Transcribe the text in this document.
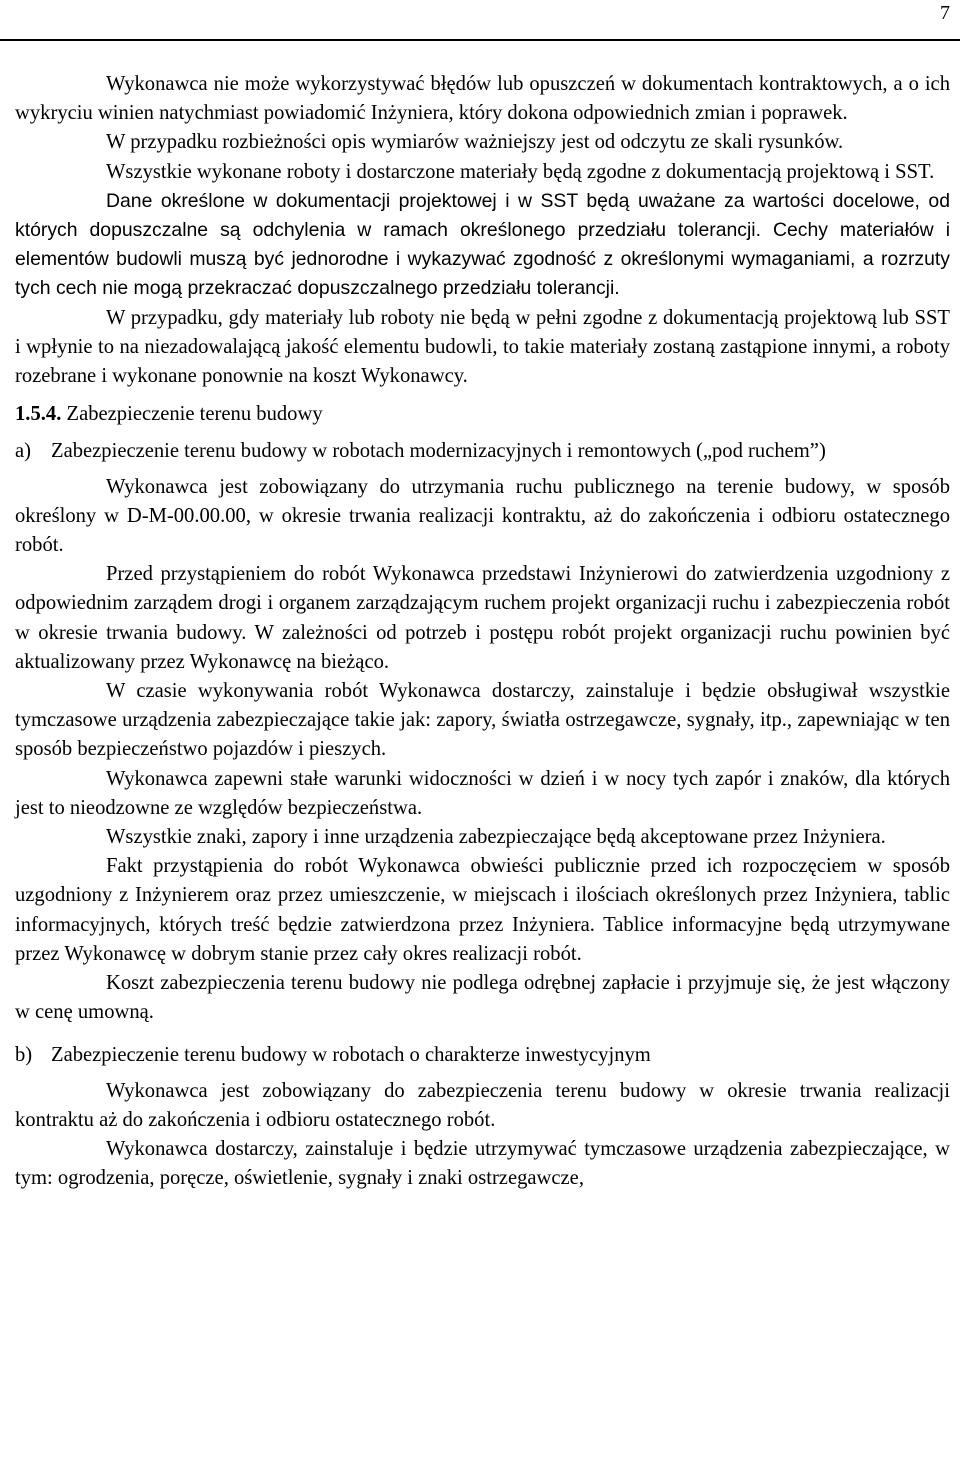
7

Wykonawca nie może wykorzystywać błędów lub opuszczeń w dokumentach kontraktowych, a o ich wykryciu winien natychmiast powiadomić Inżyniera, który dokona odpowiednich zmian i poprawek.

W przypadku rozbieżności opis wymiarów ważniejszy jest od odczytu ze skali rysunków.

Wszystkie wykonane roboty i dostarczone materiały będą zgodne z dokumentacją projektową i SST.

Dane określone w dokumentacji projektowej i w SST będą uważane za wartości docelowe, od których dopuszczalne są odchylenia w ramach określonego przedziału tolerancji. Cechy materiałów i elementów budowli muszą być jednorodne i wykazywać zgodność z określonymi wymaganiami, a rozrzuty tych cech nie mogą przekraczać dopuszczalnego przedziału tolerancji.

W przypadku, gdy materiały lub roboty nie będą w pełni zgodne z dokumentacją projektową lub SST i wpłynie to na niezadowalającą jakość elementu budowli, to takie materiały zostaną zastąpione innymi, a roboty rozebrane i wykonane ponownie na koszt Wykonawcy.

1.5.4. Zabezpieczenie terenu budowy

a) Zabezpieczenie terenu budowy w robotach modernizacyjnych i remontowych („pod ruchem”)

Wykonawca jest zobowiązany do utrzymania ruchu publicznego na terenie budowy, w sposób określony w D-M-00.00.00, w okresie trwania realizacji kontraktu, aż do zakończenia i odbioru ostatecznego robót.

Przed przystąpieniem do robót Wykonawca przedstawi Inżynierowi do zatwierdzenia uzgodniony z odpowiednim zarządem drogi i organem zarządzającym ruchem projekt organizacji ruchu i zabezpieczenia robót w okresie trwania budowy. W zależności od potrzeb i postępu robót projekt organizacji ruchu powinien być aktualizowany przez Wykonawcę na bieżąco.

W czasie wykonywania robót Wykonawca dostarczy, zainstaluje i będzie obsługiwał wszystkie tymczasowe urządzenia zabezpieczające takie jak: zapory, światła ostrzegawcze, sygnały, itp., zapewniając w ten sposób bezpieczeństwo pojazdów i pieszych.

Wykonawca zapewni stałe warunki widoczności w dzień i w nocy tych zapór i znaków, dla których jest to nieodzowne ze względów bezpieczeństwa.

Wszystkie znaki, zapory i inne urządzenia zabezpieczające będą akceptowane przez Inżyniera.

Fakt przystąpienia do robót Wykonawca obwieści publicznie przed ich rozpoczęciem w sposób uzgodniony z Inżynierem oraz przez umieszczenie, w miejscach i ilościach określonych przez Inżyniera, tablic informacyjnych, których treść będzie zatwierdzona przez Inżyniera. Tablice informacyjne będą utrzymywane przez Wykonawcę w dobrym stanie przez cały okres realizacji robót.

Koszt zabezpieczenia terenu budowy nie podlega odrębnej zapłacie i przyjmuje się, że jest włączony w cenę umowną.

b) Zabezpieczenie terenu budowy w robotach o charakterze inwestycyjnym

Wykonawca jest zobowiązany do zabezpieczenia terenu budowy w okresie trwania realizacji kontraktu aż do zakończenia i odbioru ostatecznego robót.

Wykonawca dostarczy, zainstaluje i będzie utrzymywać tymczasowe urządzenia zabezpieczające, w tym: ogrodzenia, poręcze, oświetlenie, sygnały i znaki ostrzegawcze,
